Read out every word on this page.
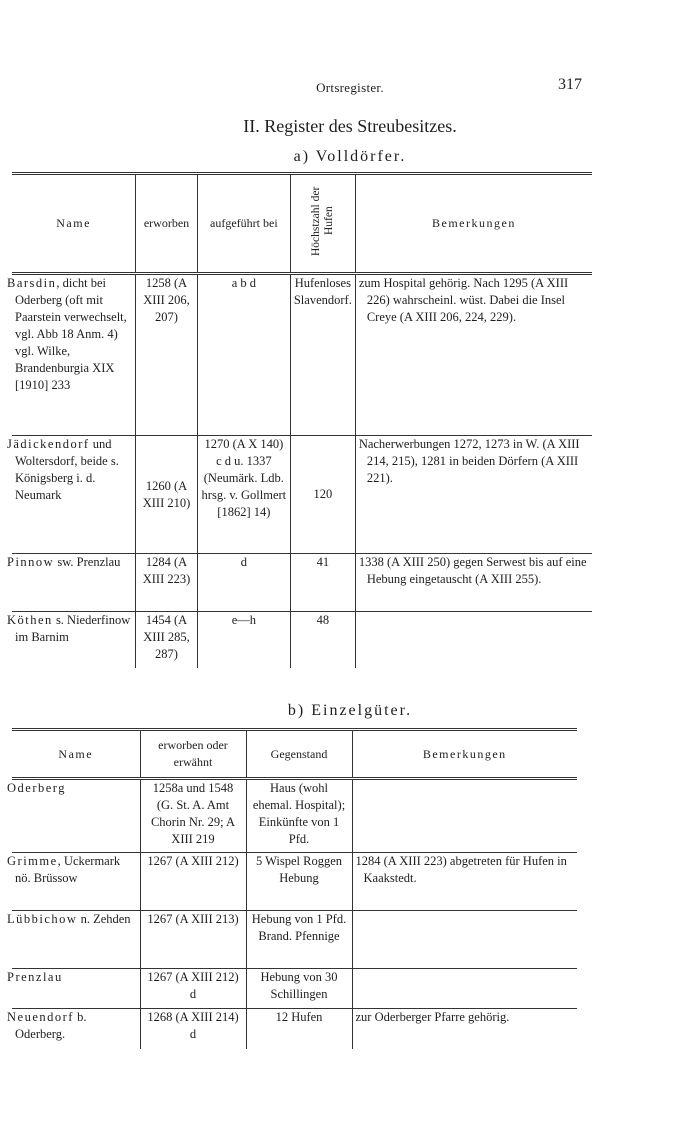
Ortsregister.	317
II. Register des Streubesitzes.
a) Volldörfer.
Name	erworben	aufgeführt bei	Höchstzahl der Hufen	Bemerkungen
Barsdin, dicht bei Oderberg (oft mit Paarstein verwechselt, vgl. Abb 18 Anm. 4) vgl. Wilke, Brandenburgia XIX [1910] 233	1258 (A XIII 206, 207)	a b d	Hufenloses Slavendorf.	zum Hospital gehörig. Nach 1295 (A XIII 226) wahrscheinl. wüst. Dabei die Insel Creye (A XIII 206, 224, 229).
Jädickendorf und Woltersdorf, beide s. Königsberg i. d. Neumark	1260 (A XIII 210)	1270 (A X 140) c d u. 1337 (Neumärk. Ldb. hrsg. v. Gollmert [1862] 14)	120	Nacherwerbungen 1272, 1273 in W. (A XIII 214, 215), 1281 in beiden Dörfern (A XIII 221).
Pinnow sw. Prenzlau	1284 (A XIII 223)	d	41	1338 (A XIII 250) gegen Serwest bis auf eine Hebung eingetauscht (A XIII 255).
Köthen s. Niederfinow im Barnim	1454 (A XIII 285, 287)	e—h	48	
b) Einzelgüter.
Name	erworben oder erwähnt	Gegenstand	Bemerkungen
Oderberg	1258a und 1548 (G. St. A. Amt Chorin Nr. 29; A XIII 219	Haus (wohl ehemal. Hospital); Einkünfte von 1 Pfd.	
Grimme, Uckermark nö. Brüssow	1267 (A XIII 212)	5 Wispel Roggen Hebung	1284 (A XIII 223) abgetreten für Hufen in Kaakstedt.
Lübbichow n. Zehden	1267 (A XIII 213)	Hebung von 1 Pfd. Brand. Pfennige	
Prenzlau	1267 (A XIII 212) d	Hebung von 30 Schillingen	
Neuendorf b. Oderberg.	1268 (A XIII 214) d	12 Hufen	zur Oderberger Pfarre gehörig.
